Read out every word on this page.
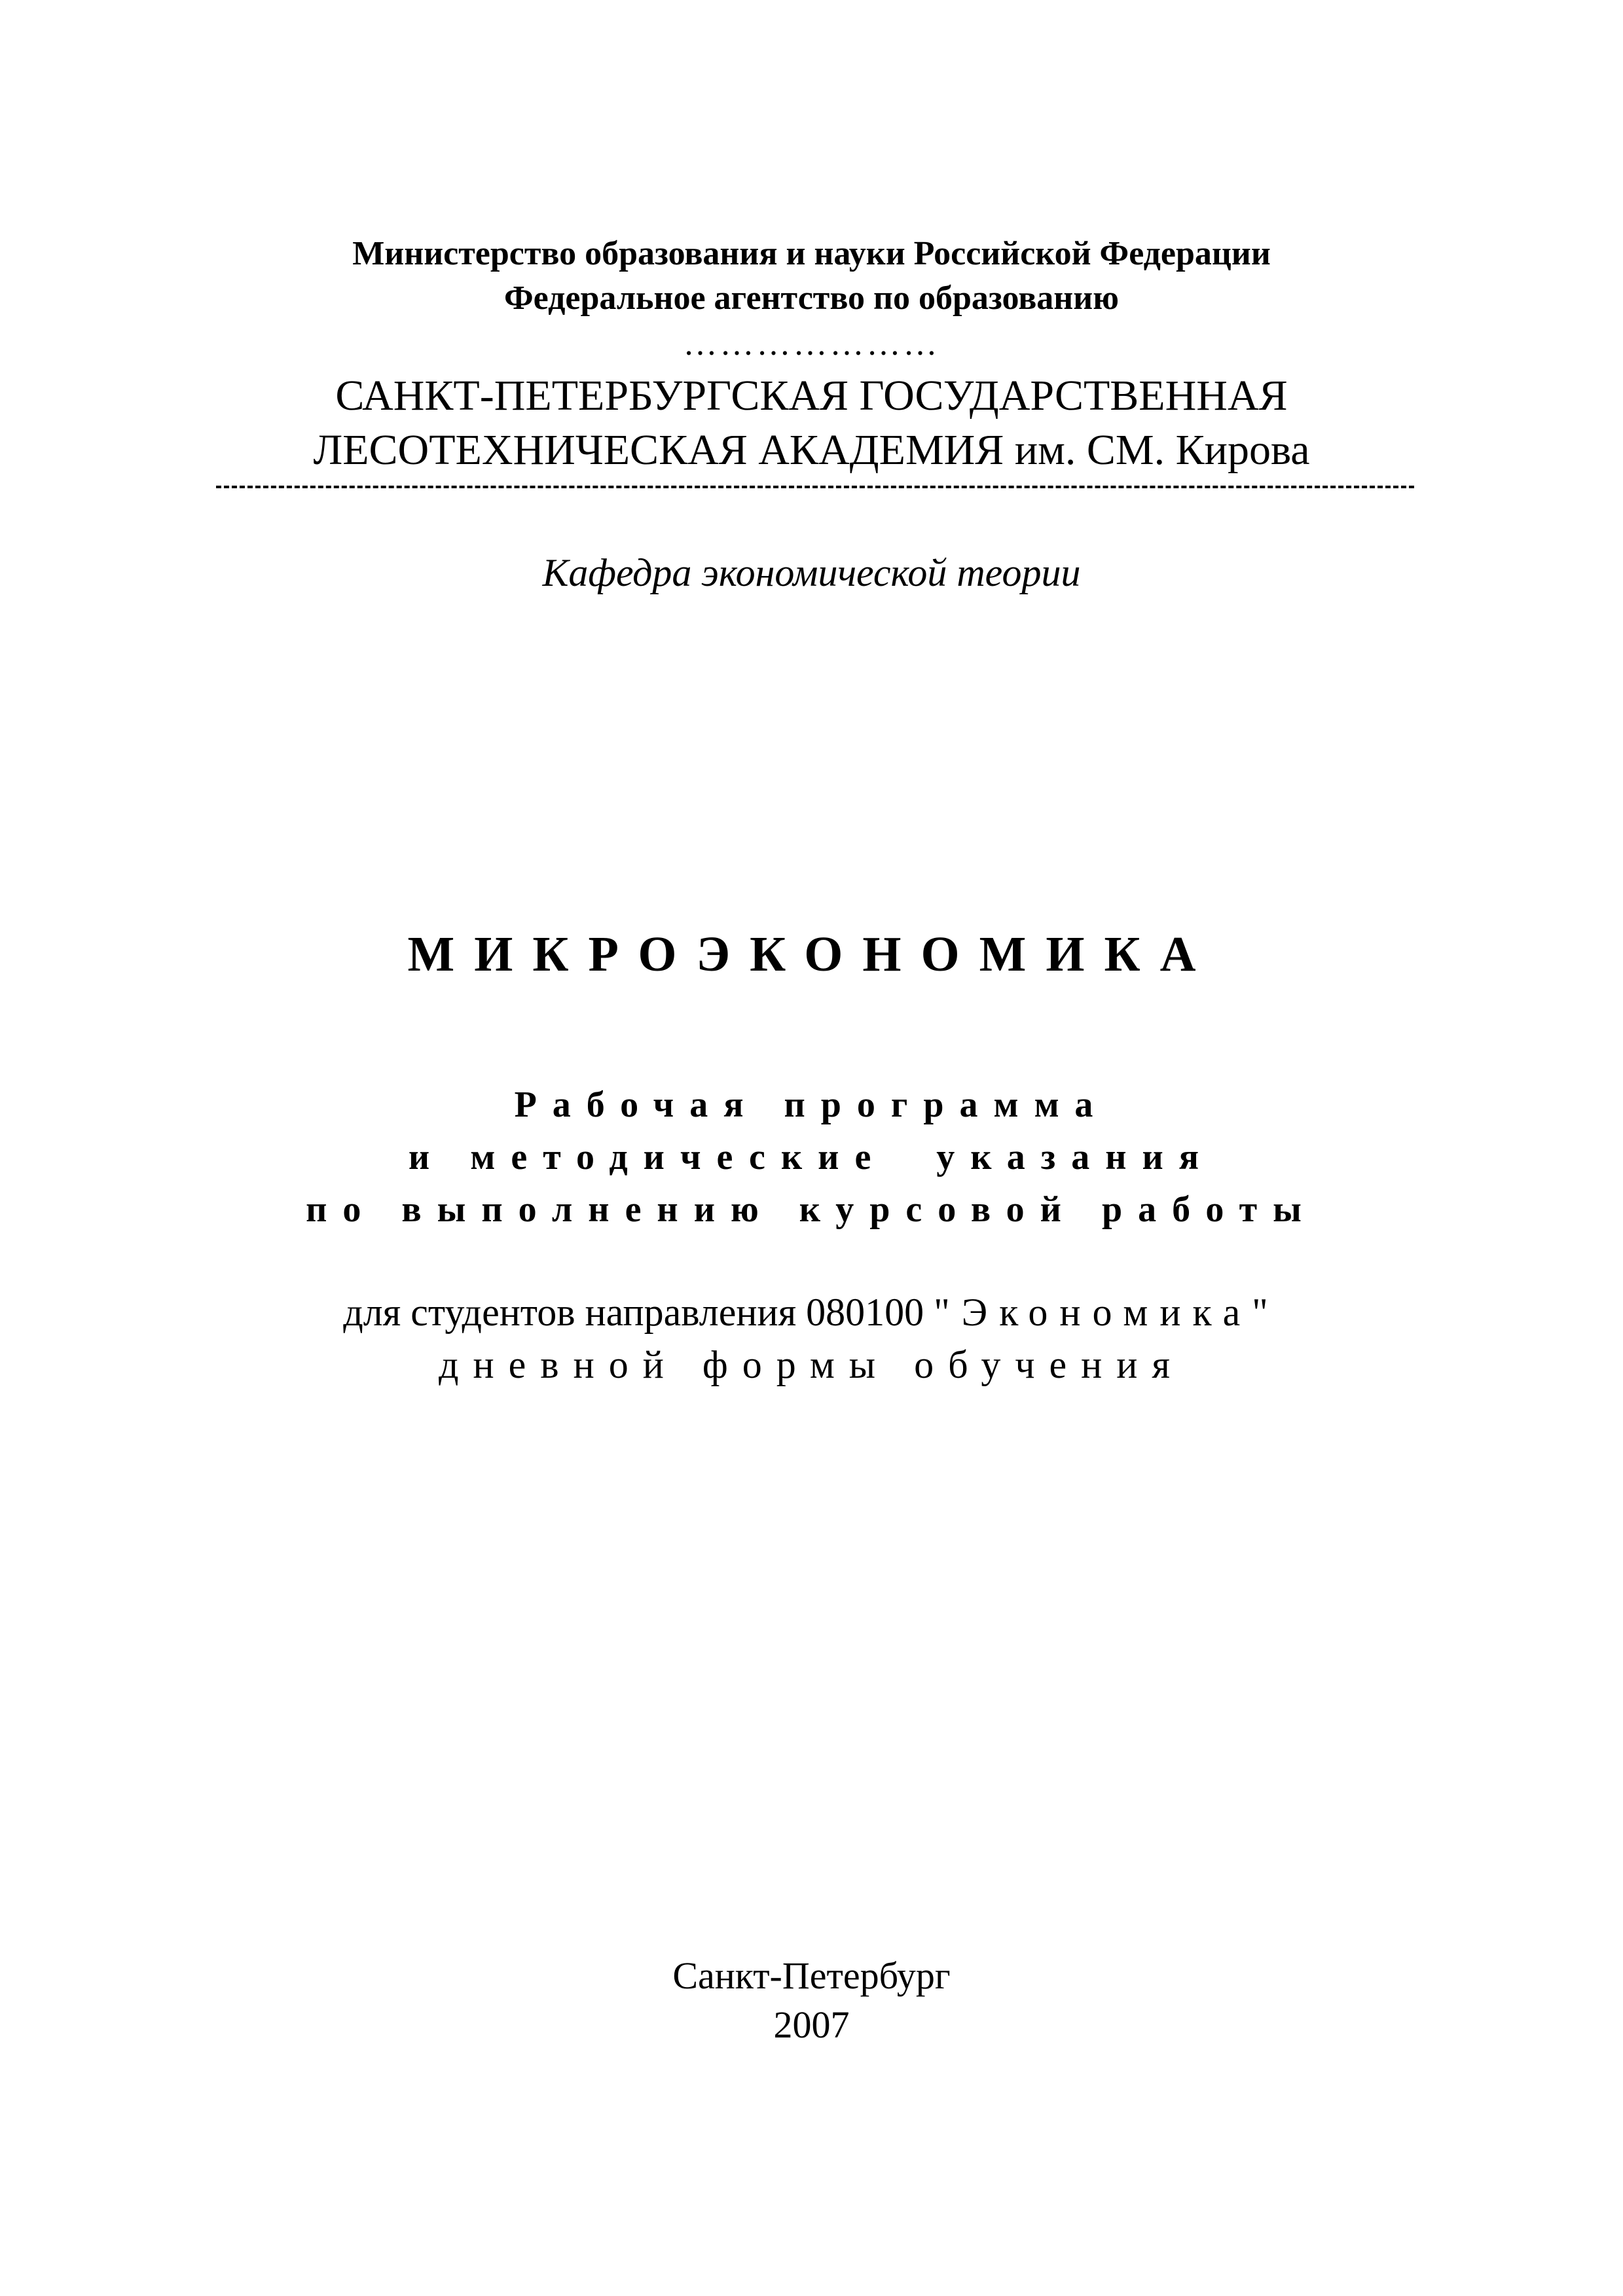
Министерство образования и науки Российской Федерации
Федеральное агентство по образованию
…………………
САНКТ-ПЕТЕРБУРГСКАЯ ГОСУДАРСТВЕННАЯ
ЛЕСОТЕХНИЧЕСКАЯ АКАДЕМИЯ им. СМ. Кирова
Кафедра экономической теории
МИКРОЭКОНОМИКА
Рабочая программа
и методические  указания
по выполнению курсовой работы
для студентов направления 080100 "Экономика"
дневной формы обучения
Санкт-Петербург
2007
